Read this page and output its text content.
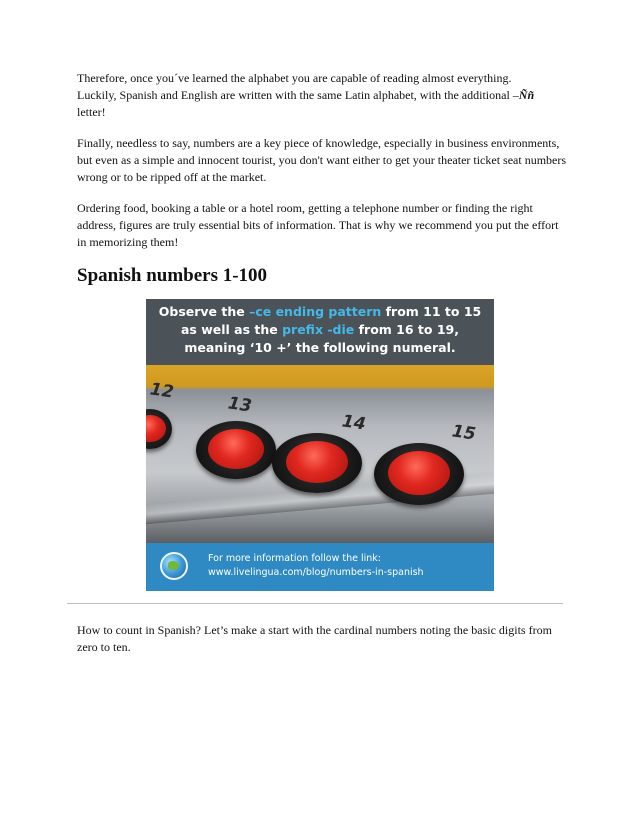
Therefore, once you´ve learned the alphabet you are capable of reading almost everything.
Luckily, Spanish and English are written with the same Latin alphabet, with the additional –Ññ
letter!

Finally, needless to say, numbers are a key piece of knowledge, especially in business environments, but even as a simple and innocent tourist, you don't want either to get your theater ticket seat numbers wrong or to be ripped off at the market.

Ordering food, booking a table or a hotel room, getting a telephone number or finding the right address, figures are truly essential bits of information. That is why we recommend you put the effort in memorizing them!

Spanish numbers 1-100
Observe the –ce ending pattern from 11 to 15
as well as the prefix -die from 16 to 19,
meaning ‘10 +’ the following numeral.
12
13
14	15
For more information follow the link:
www.livelingua.com/blog/numbers-in-spanish

How to count in Spanish? Let’s make a start with the cardinal numbers noting the basic digits from zero to ten.
